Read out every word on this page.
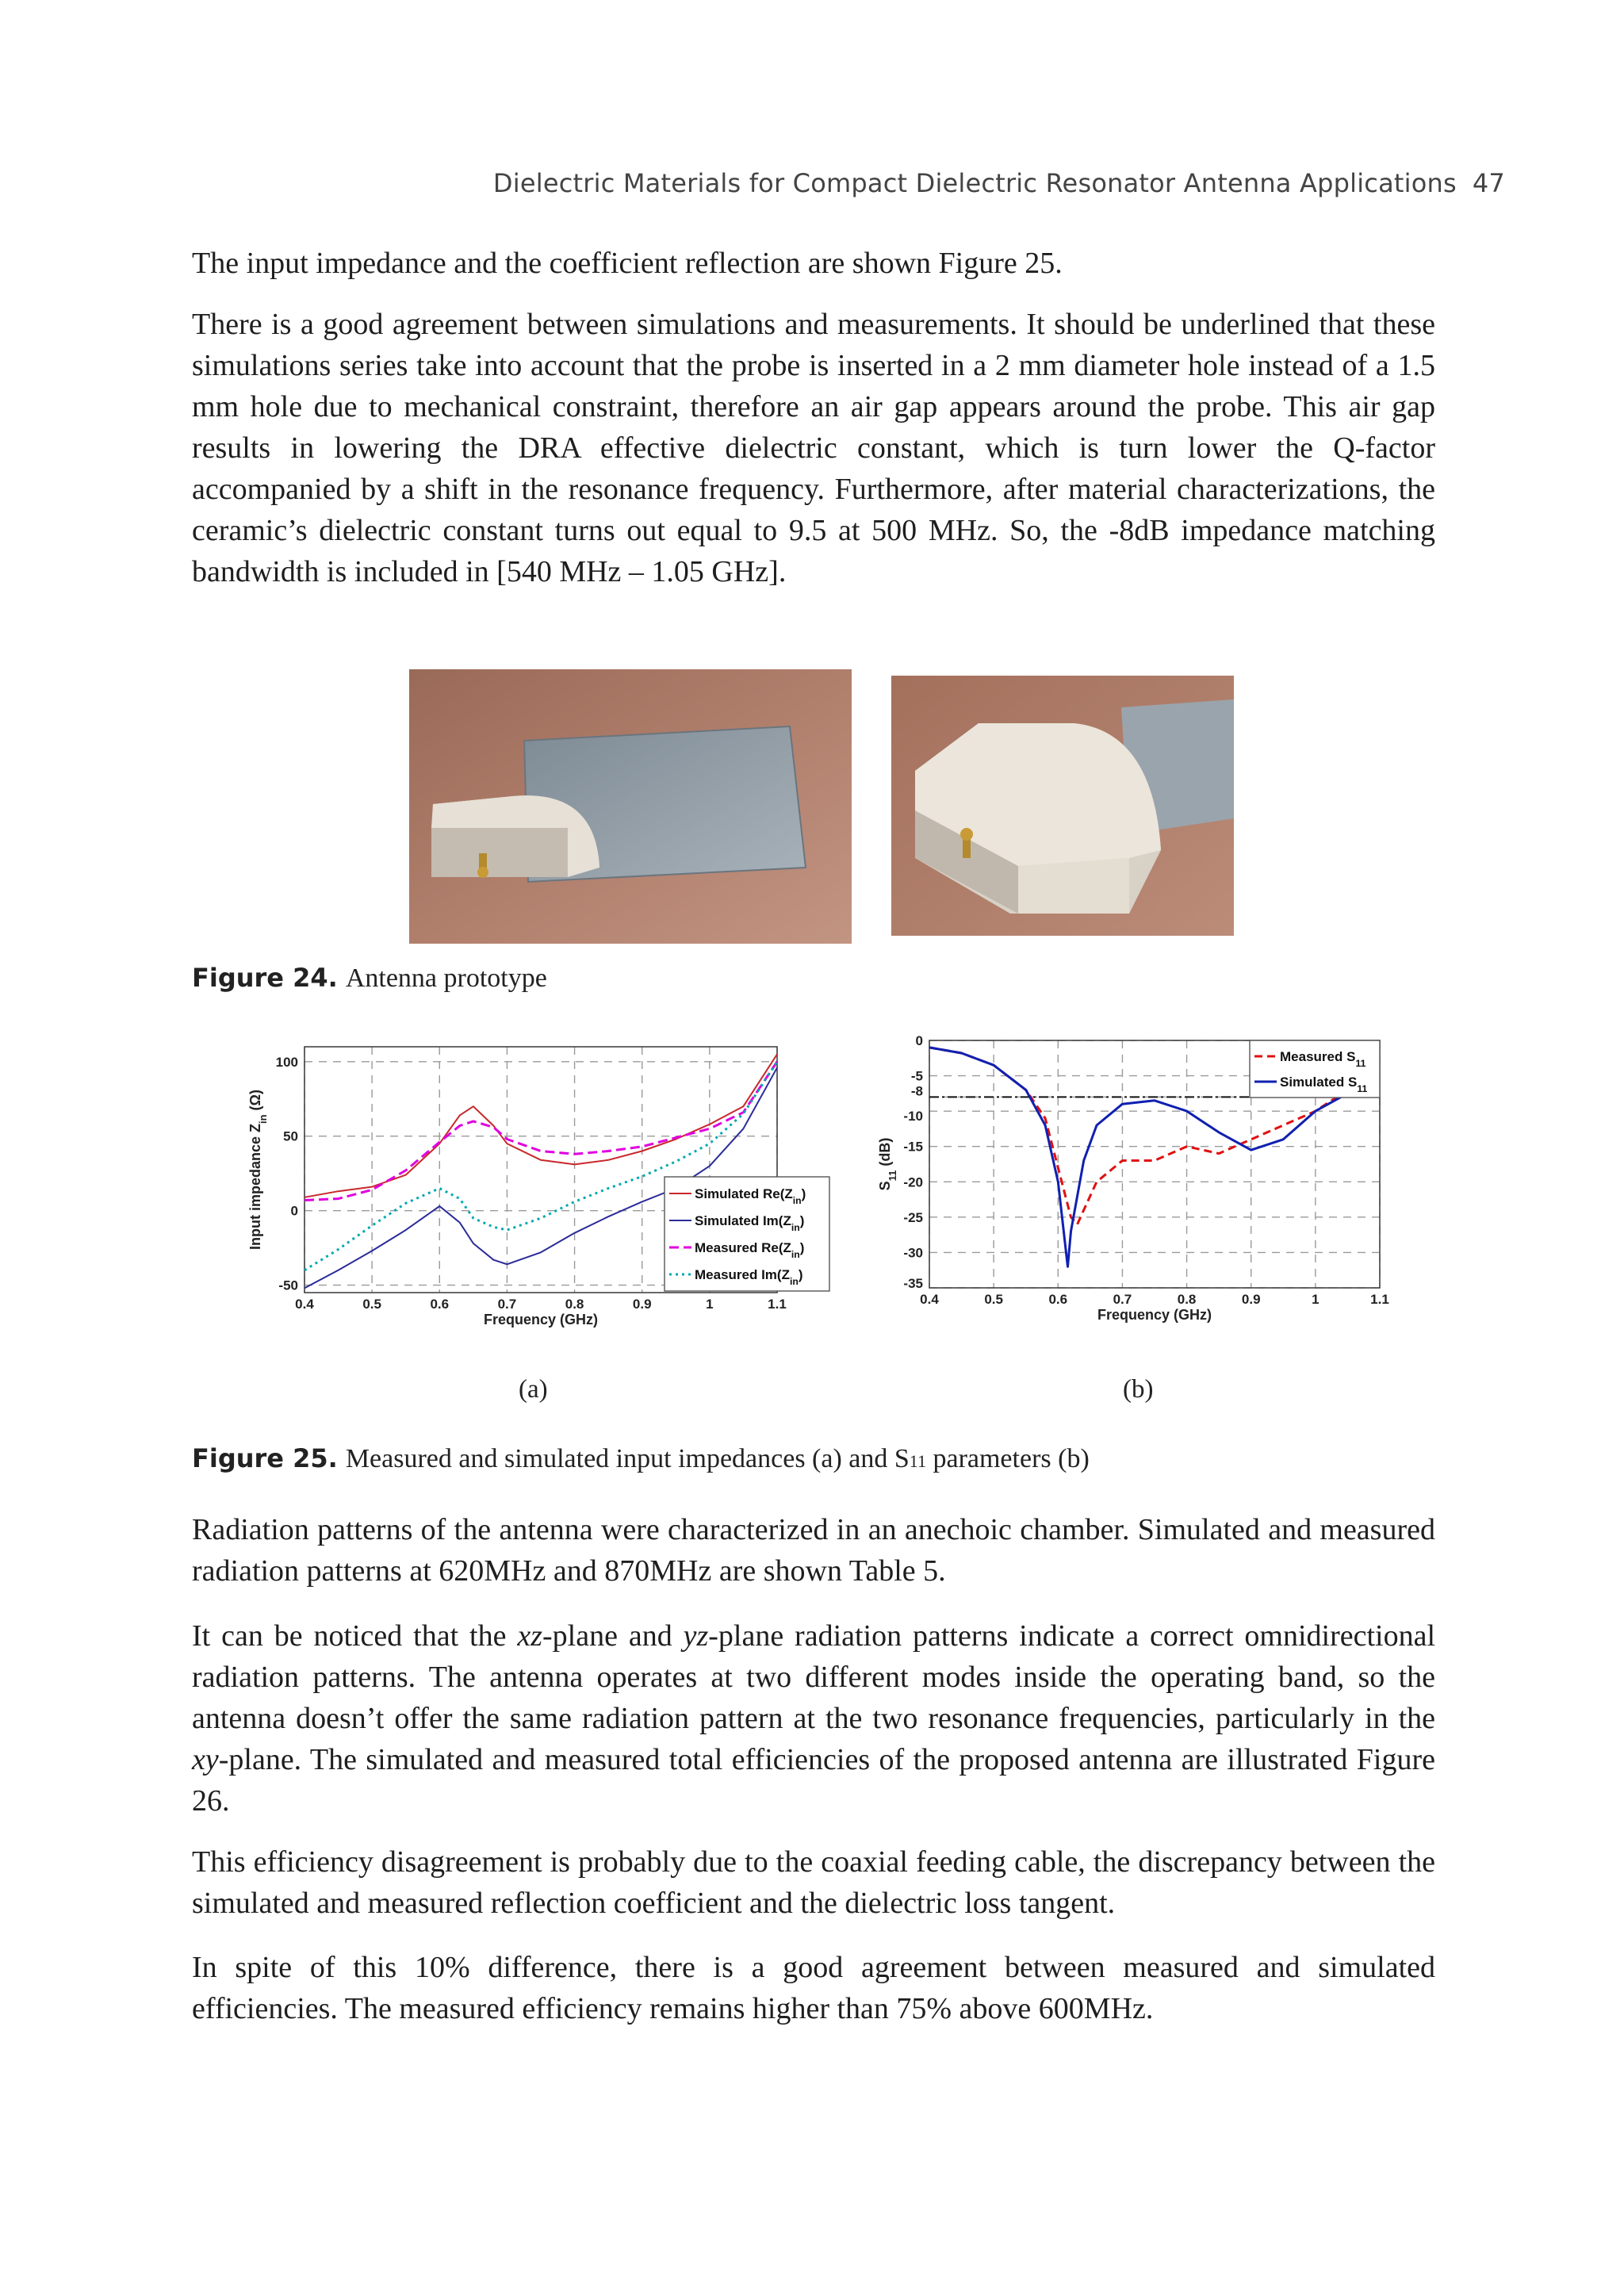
Dielectric Materials for Compact Dielectric Resonator Antenna Applications 47

The input impedance and the coefficient reflection are shown Figure 25.

There is a good agreement between simulations and measurements. It should be underlined that these simulations series take into account that the probe is inserted in a 2 mm diameter hole instead of a 1.5 mm hole due to mechanical constraint, therefore an air gap appears around the probe. This air gap results in lowering the DRA effective dielectric constant, which is turn lower the Q-factor accompanied by a shift in the resonance frequency. Furthermore, after material characterizations, the ceramic’s dielectric constant turns out equal to 9.5 at 500 MHz. So, the -8dB impedance matching bandwidth is included in [540 MHz – 1.05 GHz].

Figure 24. Antenna prototype
0.4	0.5	0.6	0.7	0.8	0.9	1	1.1
-50
0
50
100
Frequency (GHz)
Input impedance $Z_{in}$ (Ω)
Simulated $Re(Z_{in})$
Simulated $Im(Z_{in})$
Measured $Re(Z_{in})$
Measured $Im(Z_{in})$
0.4	0.5	0.6	0.7	0.8	0.9	1	1.1
0
-5
-8
-10
-15
-20
-25
-30
-35
Frequency (GHz)
$S_{11}$ (dB)
Measured $S_{11}$
Simulated $S_{11}$
(a)	(b)
Figure 25. Measured and simulated input impedances (a) and S11 parameters (b)

Radiation patterns of the antenna were characterized in an anechoic chamber. Simulated and measured radiation patterns at 620MHz and 870MHz are shown Table 5.

It can be noticed that the xz-plane and yz-plane radiation patterns indicate a correct omnidirectional radiation patterns. The antenna operates at two different modes inside the operating band, so the antenna doesn’t offer the same radiation pattern at the two resonance frequencies, particularly in the xy-plane. The simulated and measured total efficiencies of the proposed antenna are illustrated Figure 26.

This efficiency disagreement is probably due to the coaxial feeding cable, the discrepancy between the simulated and measured reflection coefficient and the dielectric loss tangent.

In spite of this 10% difference, there is a good agreement between measured and simulated efficiencies. The measured efficiency remains higher than 75% above 600MHz.
